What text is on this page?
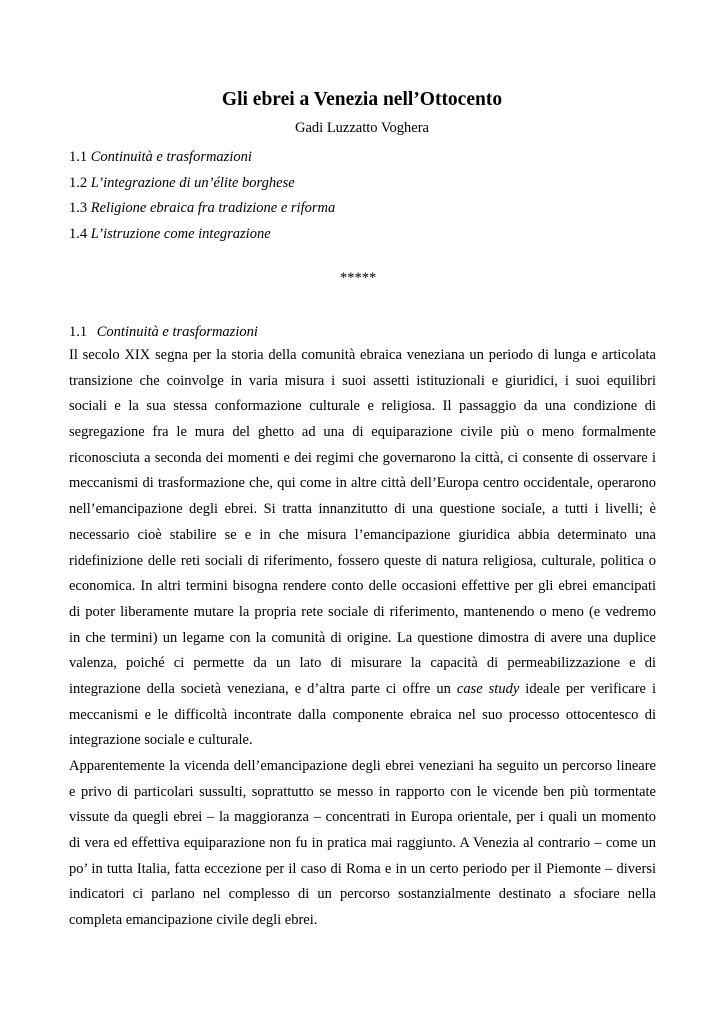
Gli ebrei a Venezia nell’Ottocento
Gadi Luzzatto Voghera
1.1 Continuità e trasformazioni
1.2 L’integrazione di un’élite borghese
1.3 Religione ebraica fra tradizione e riforma
1.4 L’istruzione come integrazione
*****
1.1 Continuità e trasformazioni
Il secolo XIX segna per la storia della comunità ebraica veneziana un periodo di lunga e articolata
transizione che coinvolge in varia misura i suoi assetti istituzionali e giuridici, i suoi equilibri
sociali e la sua stessa conformazione culturale e religiosa. Il passaggio da una condizione di
segregazione fra le mura del ghetto ad una di equiparazione civile più o meno formalmente
riconosciuta a seconda dei momenti e dei regimi che governarono la città, ci consente di osservare i
meccanismi di trasformazione che, qui come in altre città dell’Europa centro occidentale, operarono
nell’emancipazione degli ebrei. Si tratta innanzitutto di una questione sociale, a tutti i livelli; è
necessario cioè stabilire se e in che misura l’emancipazione giuridica abbia determinato una
ridefinizione delle reti sociali di riferimento, fossero queste di natura religiosa, culturale, politica o
economica. In altri termini bisogna rendere conto delle occasioni effettive per gli ebrei emancipati
di poter liberamente mutare la propria rete sociale di riferimento, mantenendo o meno (e vedremo
in che termini) un legame con la comunità di origine. La questione dimostra di avere una duplice
valenza, poiché ci permette da un lato di misurare la capacità di permeabilizzazione e di
integrazione della società veneziana, e d’altra parte ci offre un case study ideale per verificare i
meccanismi e le difficoltà incontrate dalla componente ebraica nel suo processo ottocentesco di
integrazione sociale e culturale.
Apparentemente la vicenda dell’emancipazione degli ebrei veneziani ha seguito un percorso lineare
e privo di particolari sussulti, soprattutto se messo in rapporto con le vicende ben più tormentate
vissute da quegli ebrei – la maggioranza – concentrati in Europa orientale, per i quali un momento
di vera ed effettiva equiparazione non fu in pratica mai raggiunto. A Venezia al contrario – come un
po’ in tutta Italia, fatta eccezione per il caso di Roma e in un certo periodo per il Piemonte – diversi
indicatori ci parlano nel complesso di un percorso sostanzialmente destinato a sfociare nella
completa emancipazione civile degli ebrei.
